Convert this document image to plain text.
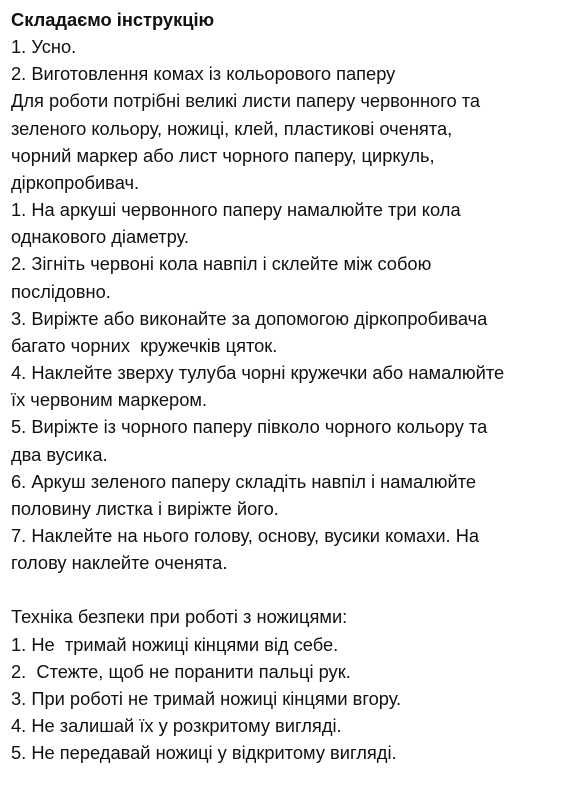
Складаємо інструкцію
1. Усно.
2. Виготовлення комах із кольорового паперу
Для роботи потрібні великі листи паперу червонного та
зеленого кольору, ножиці, клей, пластикові оченята,
чорний маркер або лист чорного паперу, циркуль,
діркопробивач.
1. На аркуші червонного паперу намалюйте три кола
однакового діаметру.
2. Зігніть червоні кола навпіл і склейте між собою
послідовно.
3. Виріжте або виконайте за допомогою діркопробивача
багато чорних  кружечків цяток.
4. Наклейте зверху тулуба чорні кружечки або намалюйте
їх червоним маркером.
5. Виріжте із чорного паперу півколо чорного кольору та
два вусика.
6. Аркуш зеленого паперу складіть навпіл і намалюйте
половину листка і виріжте його.
7. Наклейте на нього голову, основу, вусики комахи. На
голову наклейте оченята.
Техніка безпеки при роботі з ножицями:
1. Не  тримай ножиці кінцями від себе.
2.  Стежте, щоб не поранити пальці рук.
3. При роботі не тримай ножиці кінцями вгору.
4. Не залишай їх у розкритому вигляді.
5. Не передавай ножиці у відкритому вигляді.
